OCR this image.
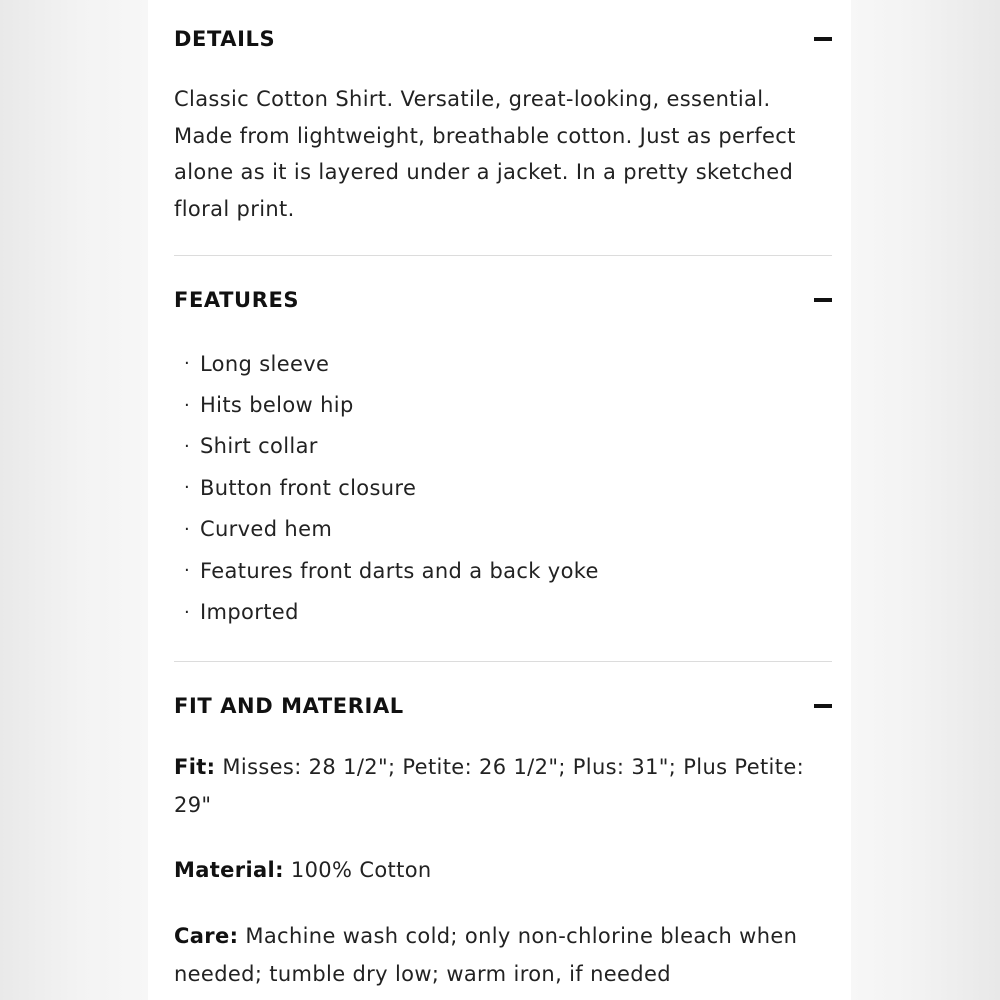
DETAILS
Classic Cotton Shirt. Versatile, great-looking, essential. Made from lightweight, breathable cotton. Just as perfect alone as it is layered under a jacket. In a pretty sketched floral print.
FEATURES
· Long sleeve
· Hits below hip
· Shirt collar
· Button front closure
· Curved hem
· Features front darts and a back yoke
· Imported
FIT AND MATERIAL
Fit: Misses: 28 1/2"; Petite: 26 1/2"; Plus: 31"; Plus Petite: 29"
Material: 100% Cotton
Care: Machine wash cold; only non-chlorine bleach when needed; tumble dry low; warm iron, if needed
